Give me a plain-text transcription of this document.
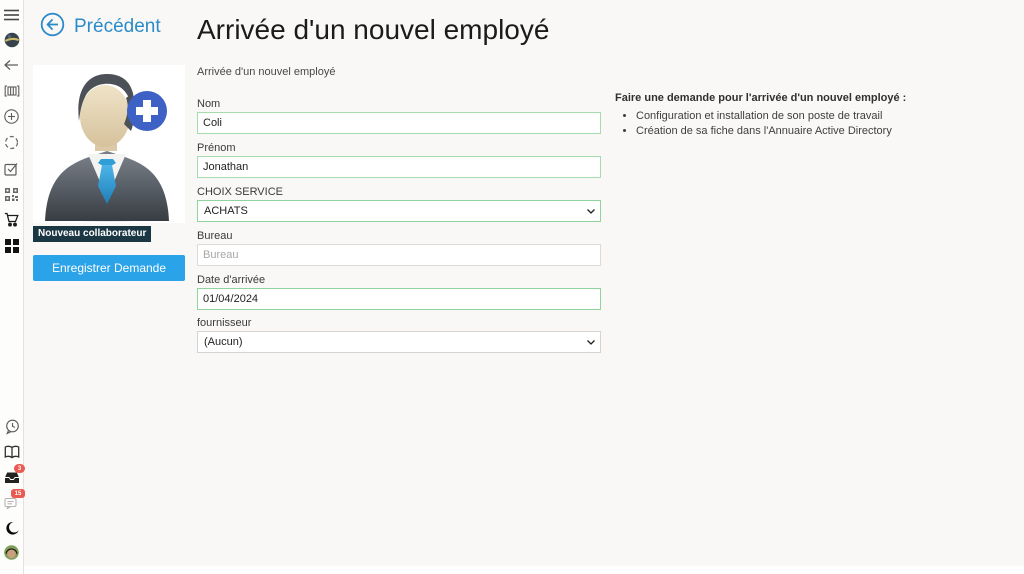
3
15
Précédent Arrivée d'un nouvel employé
Arrivée d'un nouvel employé
Nouveau collaborateur
Enregistrer Demande
Nom
Coli
Prénom
Jonathan
CHOIX SERVICE
ACHATS
Bureau
Bureau
Date d'arrivée
01/04/2024
fournisseur
(Aucun)
Faire une demande pour l'arrivée d'un nouvel employé :
• Configuration et installation de son poste de travail
• Création de sa fiche dans l'Annuaire Active Directory
